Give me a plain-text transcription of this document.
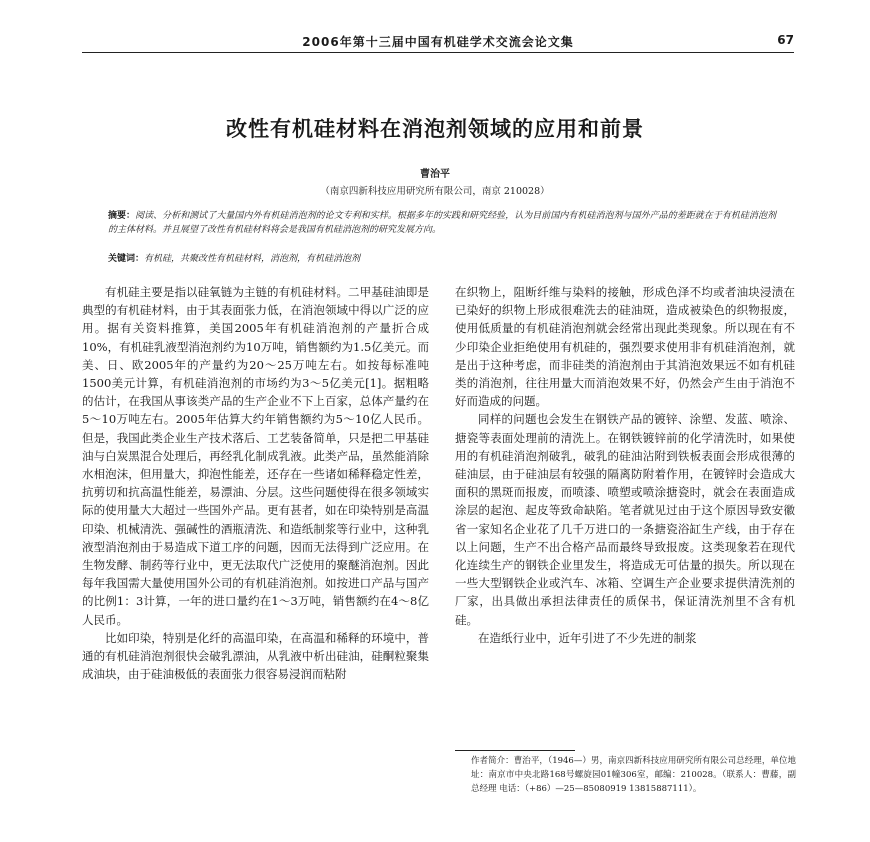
2006年第十三届中国有机硅学术交流会论文集	67
改性有机硅材料在消泡剂领域的应用和前景
曹治平
（南京四新科技应用研究所有限公司，南京 210028）
摘要：阅读、分析和测试了大量国内外有机硅消泡剂的论文专利和实样。根据多年的实践和研究经验，认为目前国内有机硅消泡剂与国外产品的差距就在于有机硅消泡剂的主体材料。并且展望了改性有机硅材料将会是我国有机硅消泡剂的研究发展方向。
关键词：有机硅，共聚改性有机硅材料，消泡剂，有机硅消泡剂

有机硅主要是指以硅氧链为主链的有机硅材料。二甲基硅油即是典型的有机硅材料，由于其表面张力低，在消泡领域中得以广泛的应用。据有关资料推算，美国2005年有机硅消泡剂的产量折合成10%，有机硅乳液型消泡剂约为10万吨，销售额约为1.5亿美元。而美、日、欧2005年的产量约为20～25万吨左右。如按每标准吨1500美元计算，有机硅消泡剂的市场约为3～5亿美元[1]。据粗略的估计，在我国从事该类产品的生产企业不下上百家，总体产量约在5～10万吨左右。2005年估算大约年销售额约为5～10亿人民币。但是，我国此类企业生产技术落后、工艺装备简单，只是把二甲基硅油与白炭黑混合处理后，再经乳化制成乳液。此类产品，虽然能消除水相泡沫，但用量大，抑泡性能差，还存在一些诸如稀释稳定性差，抗剪切和抗高温性能差，易漂油、分层。这些问题使得在很多领域实际的使用量大大超过一些国外产品。更有甚者，如在印染特别是高温印染、机械清洗、强碱性的酒瓶清洗、和造纸制浆等行业中，这种乳液型消泡剂由于易造成下道工序的问题，因而无法得到广泛应用。在生物发酵、制药等行业中，更无法取代广泛使用的聚醚消泡剂。因此每年我国需大量使用国外公司的有机硅消泡剂。如按进口产品与国产的比例1：3计算，一年的进口量约在1～3万吨，销售额约在4～8亿人民币。

比如印染，特别是化纤的高温印染，在高温和稀释的环境中，普通的有机硅消泡剂很快会破乳漂油，从乳液中析出硅油，硅酮粒聚集成油块，由于硅油极低的表面张力很容易浸润而粘附

在织物上，阻断纤维与染料的接触，形成色泽不均或者油块浸渍在已染好的织物上形成很难洗去的硅油斑，造成被染色的织物报废，使用低质量的有机硅消泡剂就会经常出现此类现象。所以现在有不少印染企业拒绝使用有机硅的，强烈要求使用非有机硅消泡剂，就是出于这种考虑，而非硅类的消泡剂由于其消泡效果远不如有机硅类的消泡剂，往往用量大而消泡效果不好，仍然会产生由于消泡不好而造成的问题。

同样的问题也会发生在钢铁产品的镀锌、涂塑、发蓝、喷涂、搪瓷等表面处理前的清洗上。在钢铁镀锌前的化学清洗时，如果使用的有机硅消泡剂破乳，破乳的硅油沾附到铁板表面会形成很薄的硅油层，由于硅油层有较强的隔离防附着作用，在镀锌时会造成大面积的黑斑而报废，而喷漆、喷塑或喷涂搪瓷时，就会在表面造成涂层的起泡、起皮等致命缺陷。笔者就见过由于这个原因导致安徽省一家知名企业花了几千万进口的一条搪瓷浴缸生产线，由于存在以上问题，生产不出合格产品而最终导致报废。这类现象若在现代化连续生产的钢铁企业里发生，将造成无可估量的损失。所以现在一些大型钢铁企业或汽车、冰箱、空调生产企业要求提供清洗剂的厂家，出具做出承担法律责任的质保书，保证清洗剂里不含有机硅。

在造纸行业中，近年引进了不少先进的制浆

作者简介：曹治平，（1946—）男，南京四新科技应用研究所有限公司总经理，单位地址：南京市中央北路168号螺旋园01幢306室，邮编：210028。（联系人：曹藤，副总经理 电话：（+86）—25—85080919 13815887111）。
